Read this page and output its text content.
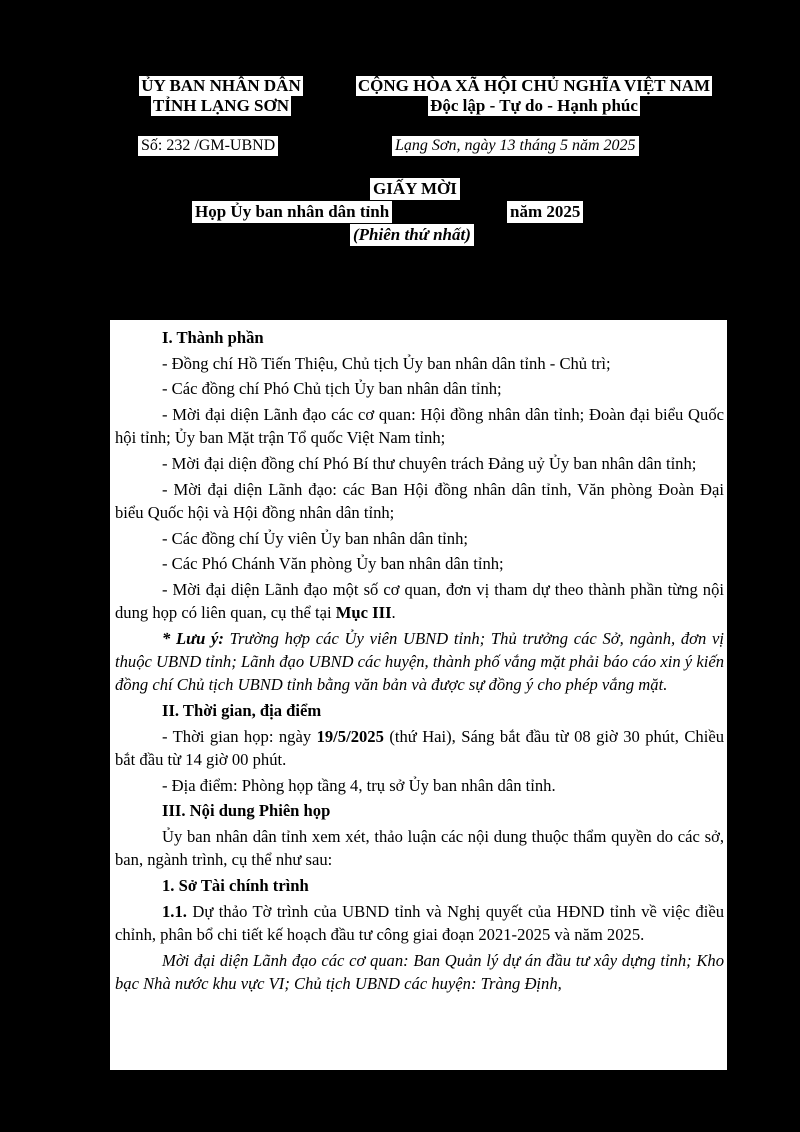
ỦY BAN NHÂN DÂN
TỈNH LẠNG SƠN
CỘNG HÒA XÃ HỘI CHỦ NGHĨA VIỆT NAM
Độc lập - Tự do - Hạnh phúc
Số: 232 /GM-UBND	Lạng Sơn, ngày 13 tháng 5 năm 2025
GIẤY MỜI
Họp Ủy ban nhân dân tỉnh	năm 2025
(Phiên thứ nhất)

I. Thành phần

- Đồng chí Hồ Tiến Thiệu, Chủ tịch Ủy ban nhân dân tỉnh - Chủ trì;

- Các đồng chí Phó Chủ tịch Ủy ban nhân dân tỉnh;

- Mời đại diện Lãnh đạo các cơ quan: Hội đồng nhân dân tỉnh; Đoàn đại biểu Quốc hội tỉnh; Ủy ban Mặt trận Tổ quốc Việt Nam tỉnh;

- Mời đại diện đồng chí Phó Bí thư chuyên trách Đảng uỷ Ủy ban nhân dân tỉnh;

- Mời đại diện Lãnh đạo: các Ban Hội đồng nhân dân tỉnh, Văn phòng Đoàn Đại biểu Quốc hội và Hội đồng nhân dân tỉnh;

- Các đồng chí Ủy viên Ủy ban nhân dân tỉnh;

- Các Phó Chánh Văn phòng Ủy ban nhân dân tỉnh;

- Mời đại diện Lãnh đạo một số cơ quan, đơn vị tham dự theo thành phần từng nội dung họp có liên quan, cụ thể tại Mục III.

* Lưu ý: Trường hợp các Ủy viên UBND tỉnh; Thủ trưởng các Sở, ngành, đơn vị thuộc UBND tỉnh; Lãnh đạo UBND các huyện, thành phố vắng mặt phải báo cáo xin ý kiến đồng chí Chủ tịch UBND tỉnh bằng văn bản và được sự đồng ý cho phép vắng mặt.

II. Thời gian, địa điểm

- Thời gian họp: ngày 19/5/2025 (thứ Hai), Sáng bắt đầu từ 08 giờ 30 phút, Chiều bắt đầu từ 14 giờ 00 phút.

- Địa điểm: Phòng họp tầng 4, trụ sở Ủy ban nhân dân tỉnh.

III. Nội dung Phiên họp

Ủy ban nhân dân tỉnh xem xét, thảo luận các nội dung thuộc thẩm quyền do các sở, ban, ngành trình, cụ thể như sau:

1. Sở Tài chính trình

1.1. Dự thảo Tờ trình của UBND tỉnh và Nghị quyết của HĐND tỉnh về việc điều chỉnh, phân bổ chi tiết kế hoạch đầu tư công giai đoạn 2021-2025 và năm 2025.

Mời đại diện Lãnh đạo các cơ quan: Ban Quản lý dự án đầu tư xây dựng tỉnh; Kho bạc Nhà nước khu vực VI; Chủ tịch UBND các huyện: Tràng Định,
